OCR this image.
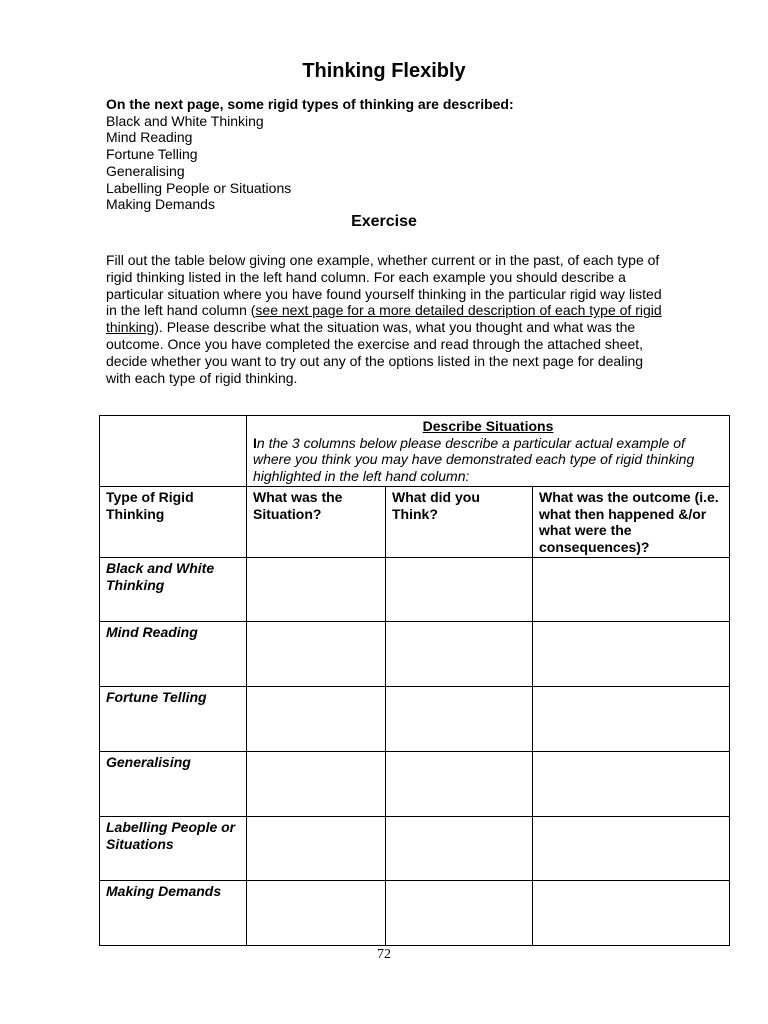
Thinking Flexibly
On the next page, some rigid types of thinking are described:
Black and White Thinking
Mind Reading
Fortune Telling
Generalising
Labelling People or Situations
Making Demands
Exercise

Fill out the table below giving one example, whether current or in the past, of each type of rigid thinking listed in the left hand column. For each example you should describe a particular situation where you have found yourself thinking in the particular rigid way listed in the left hand column (see next page for a more detailed description of each type of rigid thinking). Please describe what the situation was, what you thought and what was the outcome. Once you have completed the exercise and read through the attached sheet, decide whether you want to try out any of the options listed in the next page for dealing with each type of rigid thinking.

	Describe Situations
In the 3 columns below please describe a particular actual example of where you think you may have demonstrated each type of rigid thinking highlighted in the left hand column:		

Type of Rigid Thinking	What was the Situation?	What did you Think?	What was the outcome (i.e. what then happened &/or what were the consequences)?
Black and White Thinking			
Mind Reading			
Fortune Telling			
Generalising			
Labelling People or Situations			
Making Demands			
72
